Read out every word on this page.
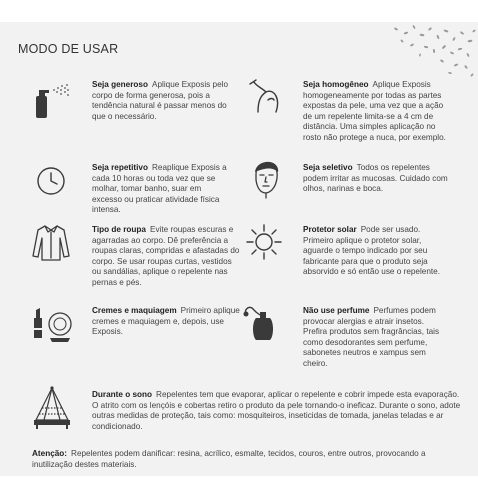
MODO DE USAR
Seja generoso Aplique Exposis pelo corpo de forma generosa, pois a tendência natural é passar menos do que o necessário.
Seja homogêneo Aplique Exposis homogeneamente por todas as partes expostas da pele, uma vez que a ação de um repelente limita-se a 4 cm de distância. Uma simples aplicação no rosto não protege a nuca, por exemplo.
Seja repetitivo Reaplique Exposis a cada 10 horas ou toda vez que se molhar, tomar banho, suar em excesso ou praticar atividade física intensa.
Seja seletivo Todos os repelentes podem irritar as mucosas. Cuidado com olhos, narinas e boca.
Tipo de roupa Evite roupas escuras e agarradas ao corpo. Dê preferência a roupas claras, compridas e afastadas do corpo. Se usar roupas curtas, vestidos ou sandálias, aplique o repelente nas pernas e pés.
Protetor solar Pode ser usado. Primeiro aplique o protetor solar, aguarde o tempo indicado por seu fabricante para que o produto seja absorvido e só então use o repelente.
Cremes e maquiagem Primeiro aplique cremes e maquiagem e, depois, use Exposis.
Não use perfume Perfumes podem provocar alergias e atrair insetos. Prefira produtos sem fragrâncias, tais como desodorantes sem perfume, sabonetes neutros e xampus sem cheiro.
Durante o sono Repelentes tem que evaporar, aplicar o repelente e cobrir impede esta evaporação. O atrito com os lençóis e cobertas retiro o produto da pele tornando-o ineficaz. Durante o sono, adote outras medidas de proteção, tais como: mosquiteiros, inseticidas de tomada, janelas teladas e ar condicionado.
Atenção: Repelentes podem danificar: resina, acrílico, esmalte, tecidos, couros, entre outros, provocando a inutilização destes materiais.
